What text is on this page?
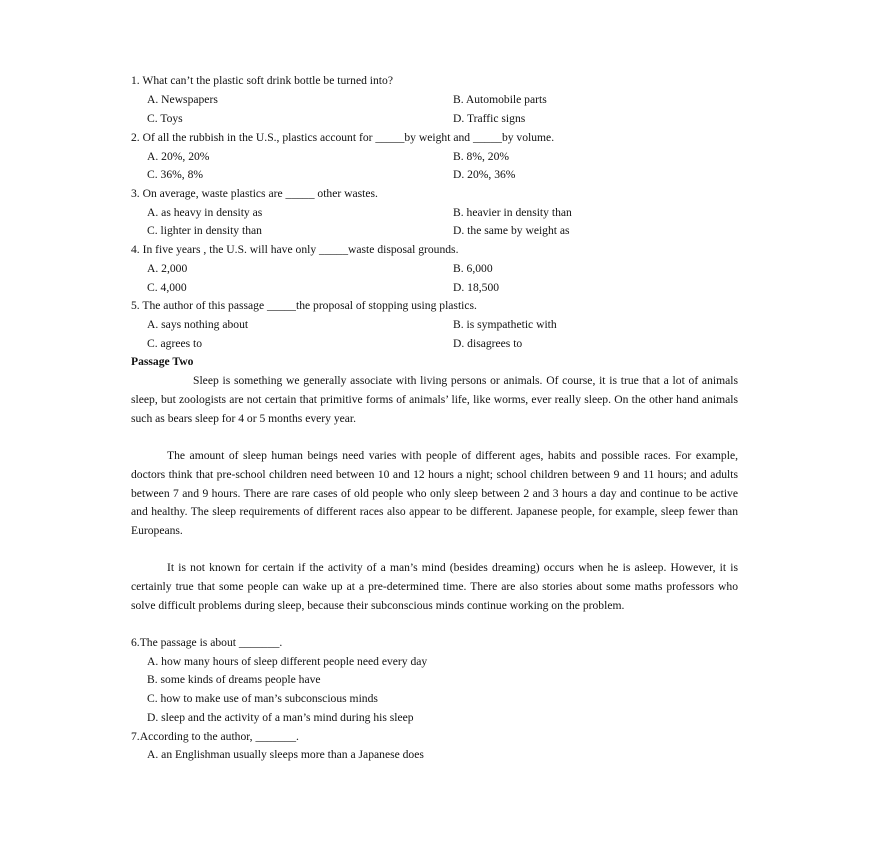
1. What can’t the plastic soft drink bottle be turned into?
A. Newspapers	B. Automobile parts
C. Toys	D. Traffic signs
2. Of all the rubbish in the U.S., plastics account for _____by weight and _____by volume.
A. 20%, 20%	B. 8%, 20%
C. 36%, 8%	D. 20%, 36%
3. On average, waste plastics are _____ other wastes.
A. as heavy in density as	B. heavier in density than
C. lighter in density than	D. the same by weight as
4. In five years , the U.S. will have only _____waste disposal grounds.
A. 2,000	B. 6,000
C. 4,000	D. 18,500
5. The author of this passage _____the proposal of stopping using plastics.
A. says nothing about	B. is sympathetic with
C. agrees to	D. disagrees to
Passage Two

Sleep is something we generally associate with living persons or animals. Of course, it is true that a lot of animals sleep, but zoologists are not certain that primitive forms of animals’ life, like worms, ever really sleep. On the other hand animals such as bears sleep for 4 or 5 months every year.

The amount of sleep human beings need varies with people of different ages, habits and possible races. For example, doctors think that pre-school children need between 10 and 12 hours a night; school children between 9 and 11 hours; and adults between 7 and 9 hours. There are rare cases of old people who only sleep between 2 and 3 hours a day and continue to be active and healthy. The sleep requirements of different races also appear to be different. Japanese people, for example, sleep fewer than Europeans.

It is not known for certain if the activity of a man’s mind (besides dreaming) occurs when he is asleep. However, it is certainly true that some people can wake up at a pre-determined time. There are also stories about some maths professors who solve difficult problems during sleep, because their subconscious minds continue working on the problem.

6.The passage is about _______.
A. how many hours of sleep different people need every day
B. some kinds of dreams people have
C. how to make use of man’s subconscious minds
D. sleep and the activity of a man’s mind during his sleep
7.According to the author, _______.
A. an Englishman usually sleeps more than a Japanese does
